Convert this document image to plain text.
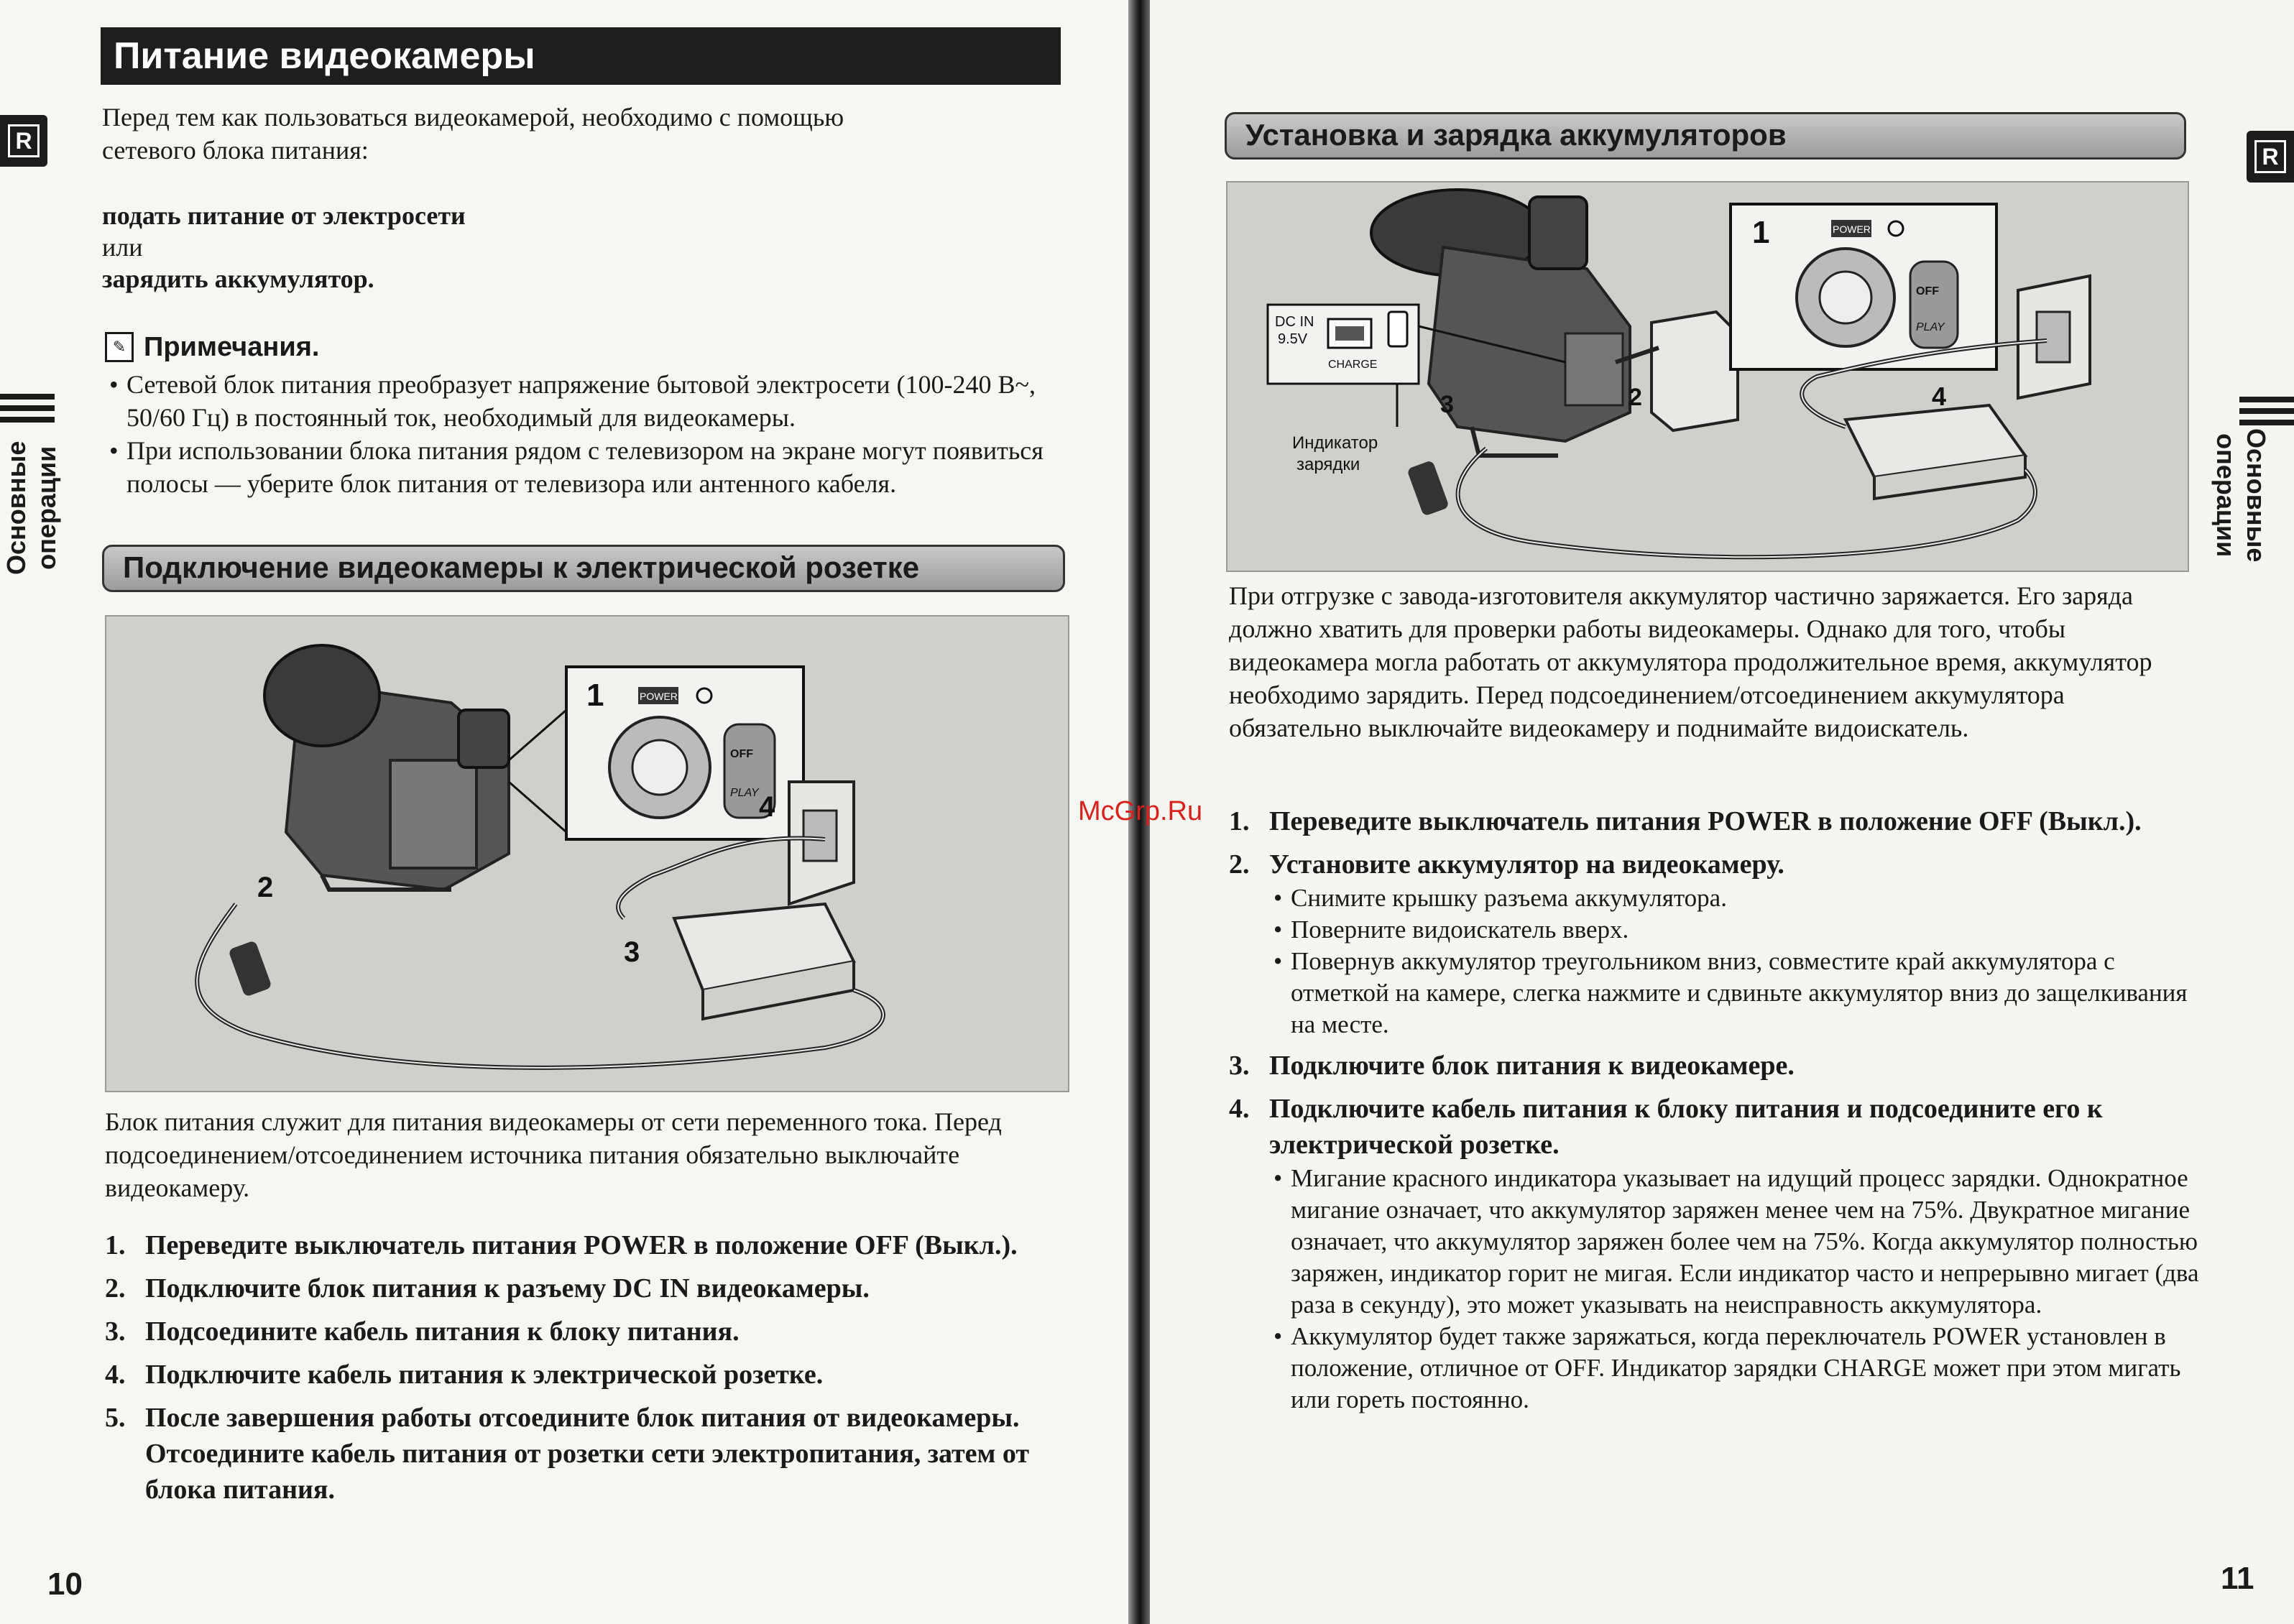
R
Основные операции
Питание видеокамеры
Перед тем как пользоваться видеокамерой, необходимо с помощью
сетевого блока питания:
подать питание от электросети
или
зарядить аккумулятор.
✎ Примечания.
• Сетевой блок питания преобразует напряжение бытовой электросети (100-240 В~, 50/60 Гц) в постоянный ток, необходимый для видеокамеры.
• При использовании блока питания рядом с телевизором на экране могут появиться полосы — уберите блок питания от телевизора или антенного кабеля.
Подключение видеокамеры к электрической розетке
1	POWER
OFF
PLAY 4
3
2
Блок питания служит для питания видеокамеры от сети переменного тока. Перед подсоединением/отсоединением источника питания обязательно выключайте видеокамеру.
1. Переведите выключатель питания POWER в положение OFF (Выкл.).
2. Подключите блок питания к разъему DC IN видеокамеры.
3. Подсоедините кабель питания к блоку питания.
4. Подключите кабель питания к электрической розетке.
5. После завершения работы отсоедините блок питания от видеокамеры. Отсоедините кабель питания от розетки сети электропитания, затем от блока питания.
10
R
Основные
операции
Установка и зарядка аккумуляторов
2
DC IN
9.5V
CHARGE
Индикатор
зарядки
3
1	POWER
OFF
PLAY
4
При отгрузке с завода-изготовителя аккумулятор частично заряжается. Его заряда должно хватить для проверки работы видеокамеры. Однако для того, чтобы видеокамера могла работать от аккумулятора продолжительное время, аккумулятор необходимо зарядить. Перед подсоединением/отсоединением аккумулятора обязательно выключайте видеокамеру и поднимайте видоискатель.
1. Переведите выключатель питания POWER в положение OFF (Выкл.).
2. Установите аккумулятор на видеокамеру.
• Снимите крышку разъема аккумулятора.
• Поверните видоискатель вверх.
• Повернув аккумулятор треугольником вниз, совместите край аккумулятора с отметкой на камере, слегка нажмите и сдвиньте аккумулятор вниз до защелкивания на месте.
3. Подключите блок питания к видеокамере.
4. Подключите кабель питания к блоку питания и подсоедините его к электрической розетке.
• Мигание красного индикатора указывает на идущий процесс зарядки. Однократное мигание означает, что аккумулятор заряжен менее чем на 75%. Двукратное мигание означает, что аккумулятор заряжен более чем на 75%. Когда аккумулятор полностью заряжен, индикатор горит не мигая. Если индикатор часто и непрерывно мигает (два раза в секунду), это может указывать на неисправность аккумулятора.
• Аккумулятор будет также заряжаться, когда переключатель POWER установлен в положение, отличное от OFF. Индикатор зарядки CHARGE может при этом мигать или гореть постоянно.
11
McGrp.Ru
